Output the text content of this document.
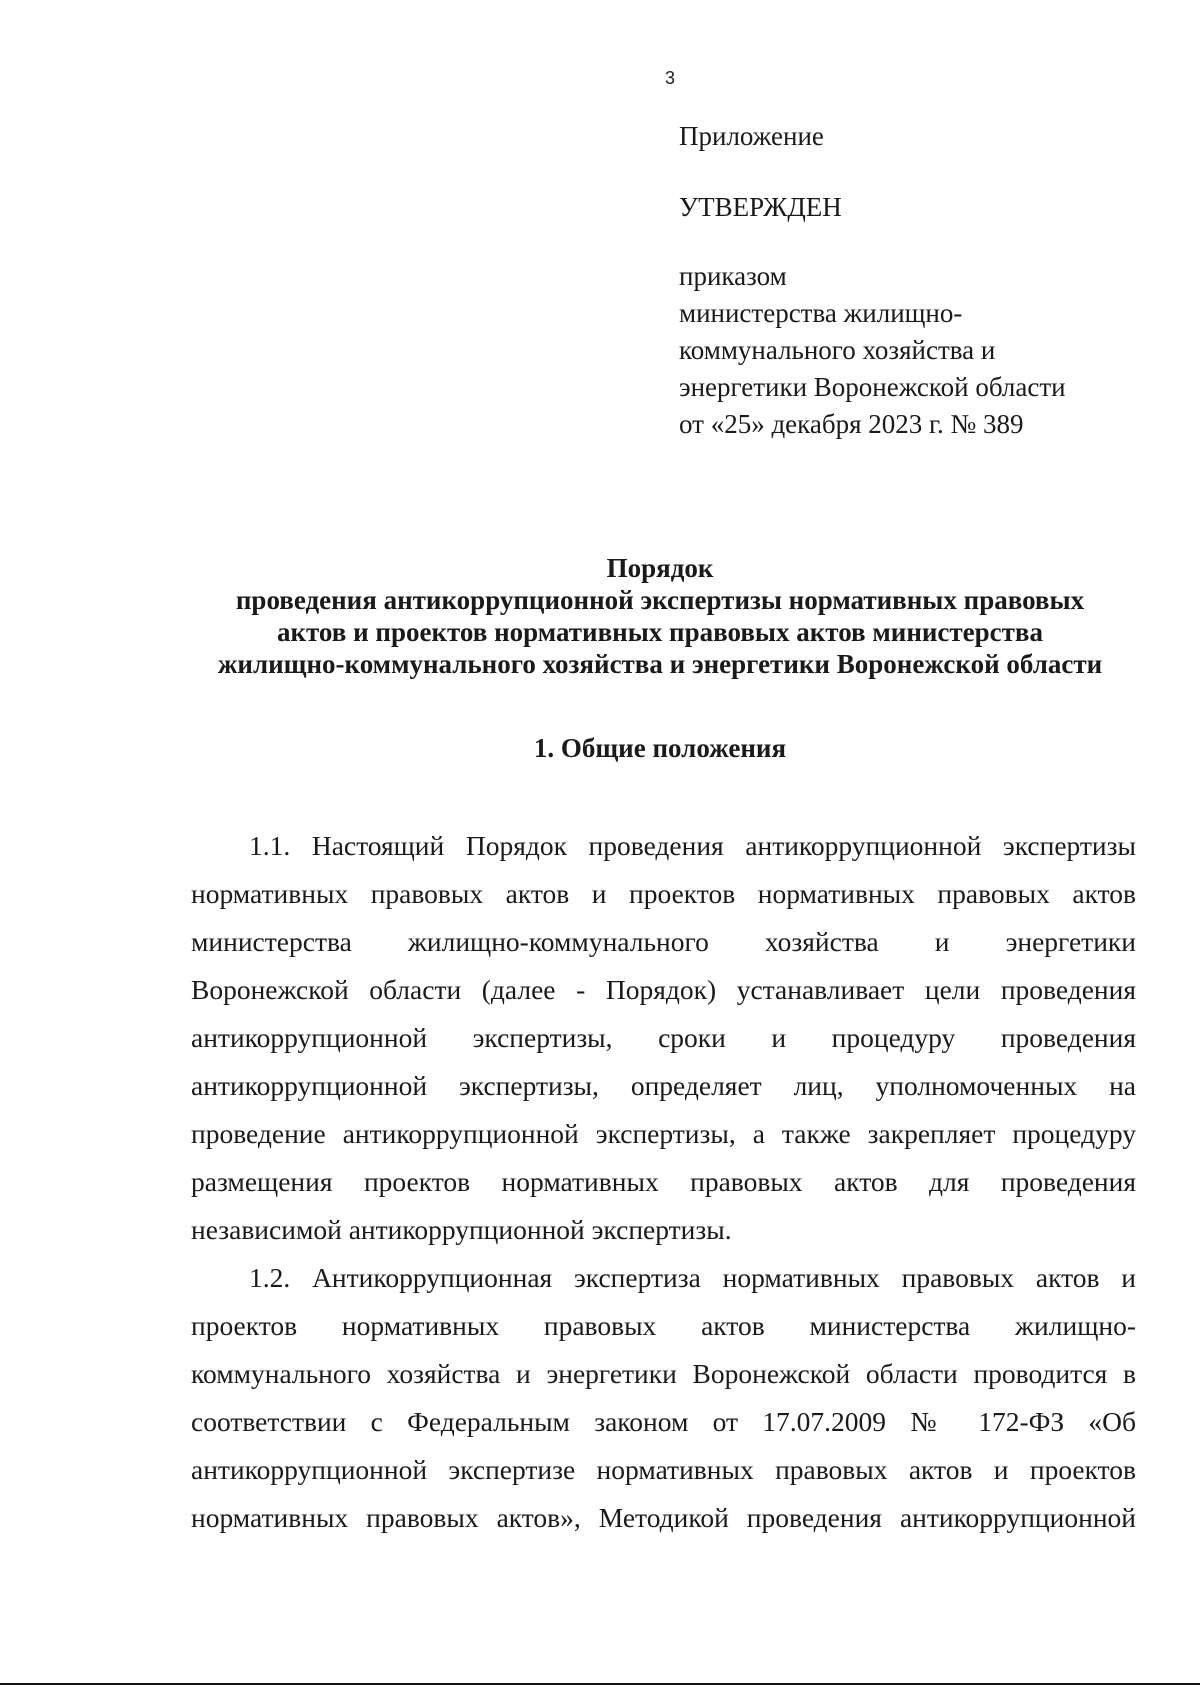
3
Приложение
УТВЕРЖДЕН
приказом
министерства жилищно-
коммунального хозяйства и
энергетики Воронежской области
от «25» декабря 2023 г. № 389
Порядок
проведения антикоррупционной экспертизы нормативных правовых
актов и проектов нормативных правовых актов министерства
жилищно-коммунального хозяйства и энергетики Воронежской области
1. Общие положения
1.1. Настоящий Порядок проведения антикоррупционной экспертизы
нормативных правовых актов и проектов нормативных правовых актов
министерства жилищно-коммунального хозяйства и энергетики
Воронежской области (далее - Порядок) устанавливает цели проведения
антикоррупционной экспертизы, сроки и процедуру проведения
антикоррупционной экспертизы, определяет лиц, уполномоченных на
проведение антикоррупционной экспертизы, а также закрепляет процедуру
размещения проектов нормативных правовых актов для проведения
независимой антикоррупционной экспертизы.
1.2. Антикоррупционная экспертиза нормативных правовых актов и
проектов нормативных правовых актов министерства жилищно-
коммунального хозяйства и энергетики Воронежской области проводится в
соответствии с Федеральным законом от 17.07.2009 № 172-ФЗ «Об
антикоррупционной экспертизе нормативных правовых актов и проектов
нормативных правовых актов», Методикой проведения антикоррупционной
